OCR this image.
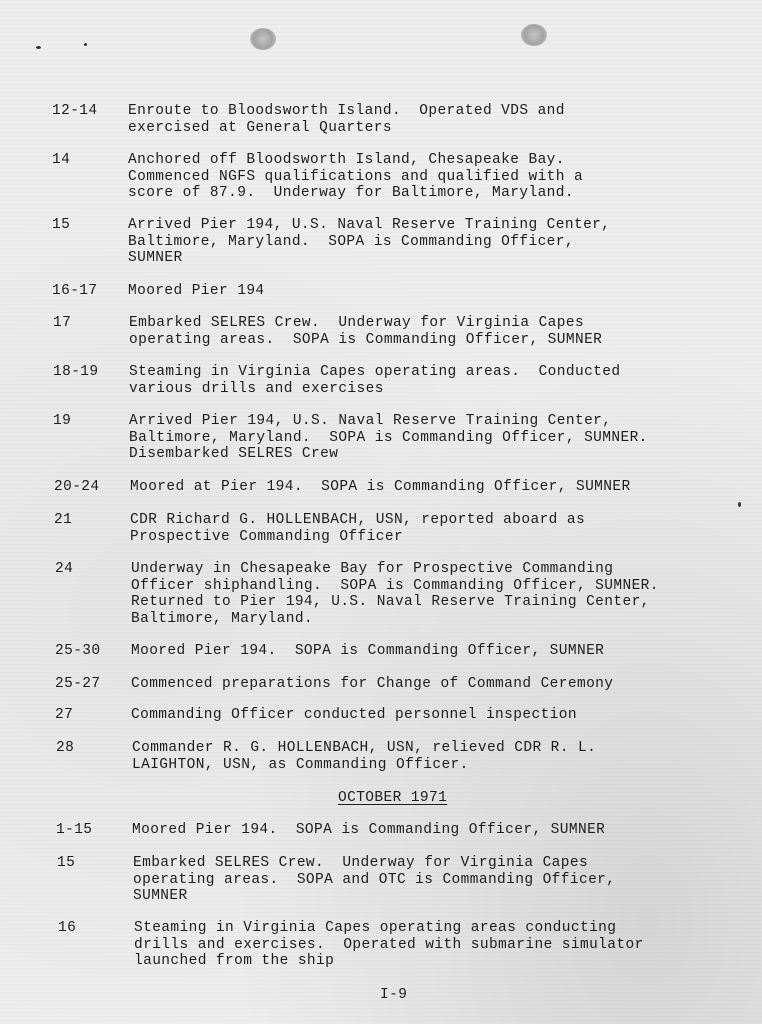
12-14	Enroute to Bloodsworth Island.  Operated VDS and
exercised at General Quarters
14	Anchored off Bloodsworth Island, Chesapeake Bay.
Commenced NGFS qualifications and qualified with a
score of 87.9.  Underway for Baltimore, Maryland.
15	Arrived Pier 194, U.S. Naval Reserve Training Center,
Baltimore, Maryland.  SOPA is Commanding Officer,
SUMNER
16-17	Moored Pier 194
17	Embarked SELRES Crew.  Underway for Virginia Capes
operating areas.  SOPA is Commanding Officer, SUMNER
18-19	Steaming in Virginia Capes operating areas.  Conducted
various drills and exercises
19	Arrived Pier 194, U.S. Naval Reserve Training Center,
Baltimore, Maryland.  SOPA is Commanding Officer, SUMNER.
Disembarked SELRES Crew
20-24	Moored at Pier 194.  SOPA is Commanding Officer, SUMNER
21	CDR Richard G. HOLLENBACH, USN, reported aboard as
Prospective Commanding Officer
24	Underway in Chesapeake Bay for Prospective Commanding
Officer shiphandling.  SOPA is Commanding Officer, SUMNER.
Returned to Pier 194, U.S. Naval Reserve Training Center,
Baltimore, Maryland.
25-30	Moored Pier 194.  SOPA is Commanding Officer, SUMNER
25-27	Commenced preparations for Change of Command Ceremony
27	Commanding Officer conducted personnel inspection
28	Commander R. G. HOLLENBACH, USN, relieved CDR R. L.
LAIGHTON, USN, as Commanding Officer.
OCTOBER 1971
1-15	Moored Pier 194.  SOPA is Commanding Officer, SUMNER
15	Embarked SELRES Crew.  Underway for Virginia Capes
operating areas.  SOPA and OTC is Commanding Officer,
SUMNER
16	Steaming in Virginia Capes operating areas conducting
drills and exercises.  Operated with submarine simulator
launched from the ship
I-9
